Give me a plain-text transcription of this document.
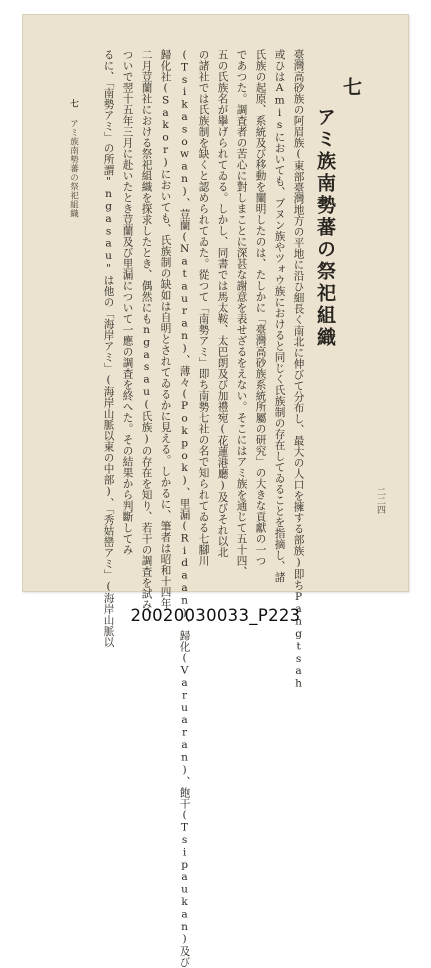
七
アミ族南勢蕃の祭祀組織
臺灣高砂族の阿眉族(東部臺灣地方の平地に沿ひ細長く南北に伸びて分布し、最大の人口を擁する部族)即ちPangtsah
或ひはAmisにおいても、ブヌン族やツォウ族におけると同じく氏族制の存在してゐることを指摘し、諸
氏族の起原、系統及び移動を闡明したのは、たしかに「臺灣高砂族系統所屬の研究」の大きな貢獻の一つ
であつた。調査者の苦心に對しまことに深甚な謝意を表せざるをえない。そこにはアミ族を通じて五十四、
五の氏族名が擧げられてゐる。しかし、同書では馬太鞍、太巴朗及び加禮宛(花蓮港廳)及びそれ以北
の諸社では氏族制を缺くと認められてゐた。從つて「南勢アミ」即ち南勢七社の名で知られてゐる七腳川
(Tsikasowan)、荳蘭(Natauran)、薄々(Pokpok)、里漏(Ridaan)、歸化(Varuaran)、飽干(Tsipaukan)及び
歸化社(Sakor)においても、氏族制の缺如は自明とされてゐるかに見える。しかるに、筆者は昭和十四年
二月荳蘭社における祭祀組織を探求したとき、偶然にもngasau(氏族)の存在を知り、若干の調査を試み、
ついで翌十五年三月に赴いたとき荳蘭及び里漏について一應の調査を終へた。その結果から判斷してみ
るに、「南勢アミ」の所謂"ngasau"は他の「海岸アミ」(海岸山脈以東の中部)、「秀姑巒アミ」(海岸山脈以
七
アミ族南勢蕃の祭祀組織
二二四
20020030033_P223
